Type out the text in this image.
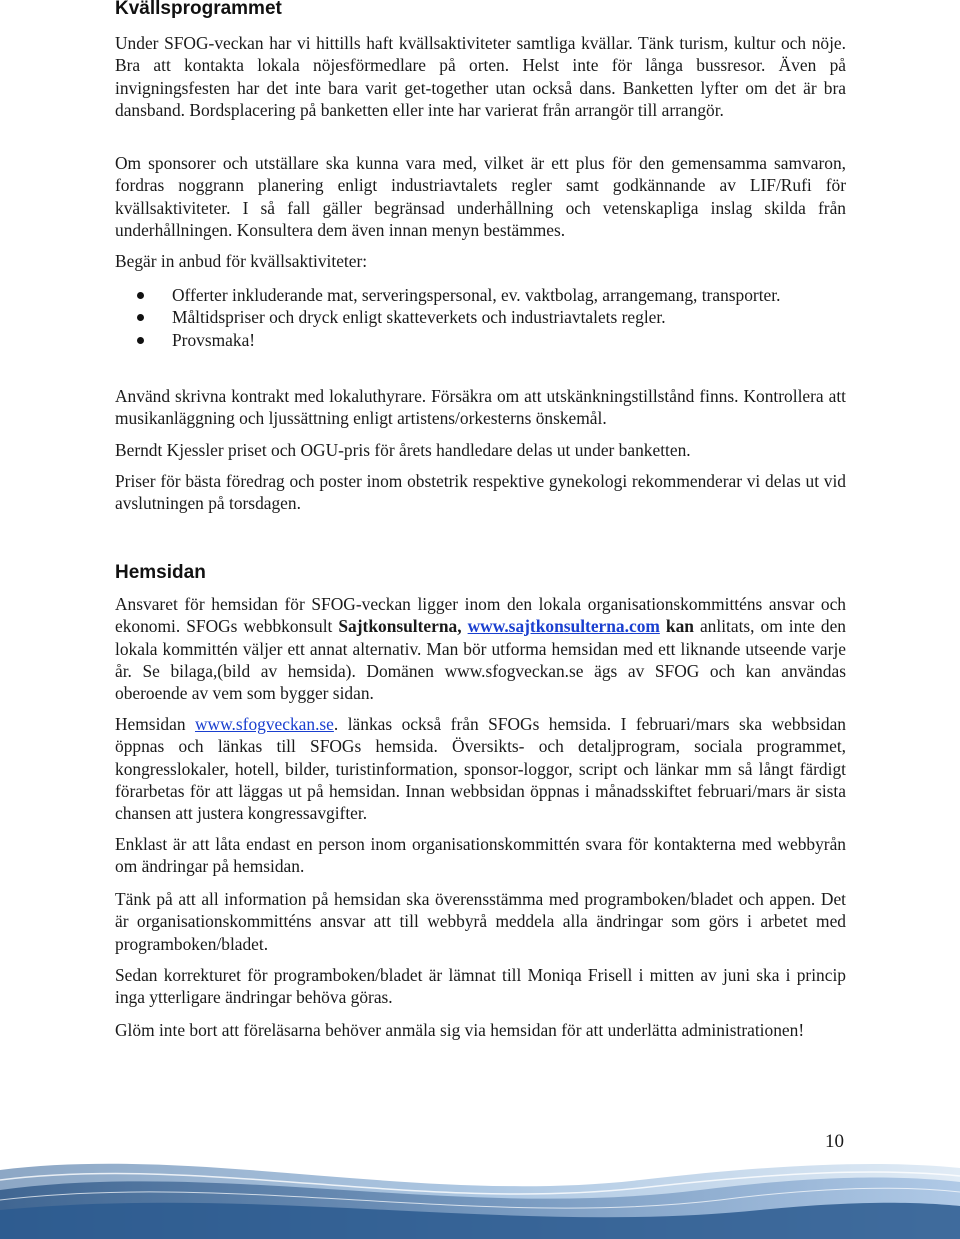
Kvällsprogrammet

Under SFOG-veckan har vi hittills haft kvällsaktiviteter samtliga kvällar. Tänk turism, kultur och nöje. Bra att kontakta lokala nöjesförmedlare på orten. Helst inte för långa bussresor. Även på invigningsfesten har det inte bara varit get-together utan också dans. Banketten lyfter om det är bra dansband. Bordsplacering på banketten eller inte har varierat från arrangör till arrangör.

Om sponsorer och utställare ska kunna vara med, vilket är ett plus för den gemensamma samvaron, fordras noggrann planering enligt industriavtalets regler samt godkännande av LIF/Rufi för kvällsaktiviteter. I så fall gäller begränsad underhållning och vetenskapliga inslag skilda från underhållningen. Konsultera dem även innan menyn bestämmes.

Begär in anbud för kvällsaktiviteter:

Offerter inkluderande mat, serveringspersonal, ev. vaktbolag, arrangemang, transporter.
Måltidspriser och dryck enligt skatteverkets och industriavtalets regler.
Provsmaka!

Använd skrivna kontrakt med lokaluthyrare. Försäkra om att utskänkningstillstånd finns. Kontrollera att musikanläggning och ljussättning enligt artistens/orkesterns önskemål.

Berndt Kjessler priset och OGU-pris för årets handledare delas ut under banketten.

Priser för bästa föredrag och poster inom obstetrik respektive gynekologi rekommenderar vi delas ut vid avslutningen på torsdagen.

Hemsidan

Ansvaret för hemsidan för SFOG-veckan ligger inom den lokala organisationskommitténs ansvar och ekonomi. SFOGs webbkonsult Sajtkonsulterna, www.sajtkonsulterna.com kan anlitats, om inte den lokala kommittén väljer ett annat alternativ. Man bör utforma hemsidan med ett liknande utseende varje år. Se bilaga,(bild av hemsida). Domänen www.sfogveckan.se ägs av SFOG och kan användas oberoende av vem som bygger sidan.

Hemsidan www.sfogveckan.se. länkas också från SFOGs hemsida. I februari/mars ska webbsidan öppnas och länkas till SFOGs hemsida. Översikts- och detaljprogram, sociala programmet, kongresslokaler, hotell, bilder, turistinformation, sponsor-loggor, script och länkar mm så långt färdigt förarbetas för att läggas ut på hemsidan. Innan webbsidan öppnas i månadsskiftet februari/mars är sista chansen att justera kongressavgifter.

Enklast är att låta endast en person inom organisationskommittén svara för kontakterna med webbyrån om ändringar på hemsidan.

Tänk på att all information på hemsidan ska överensstämma med programboken/bladet och appen. Det är organisationskommitténs ansvar att till webbyrå meddela alla ändringar som görs i arbetet med programboken/bladet.

Sedan korrekturet för programboken/bladet är lämnat till Moniqa Frisell i mitten av juni ska i princip inga ytterligare ändringar behöva göras.

Glöm inte bort att föreläsarna behöver anmäla sig via hemsidan för att underlätta administrationen!

10
